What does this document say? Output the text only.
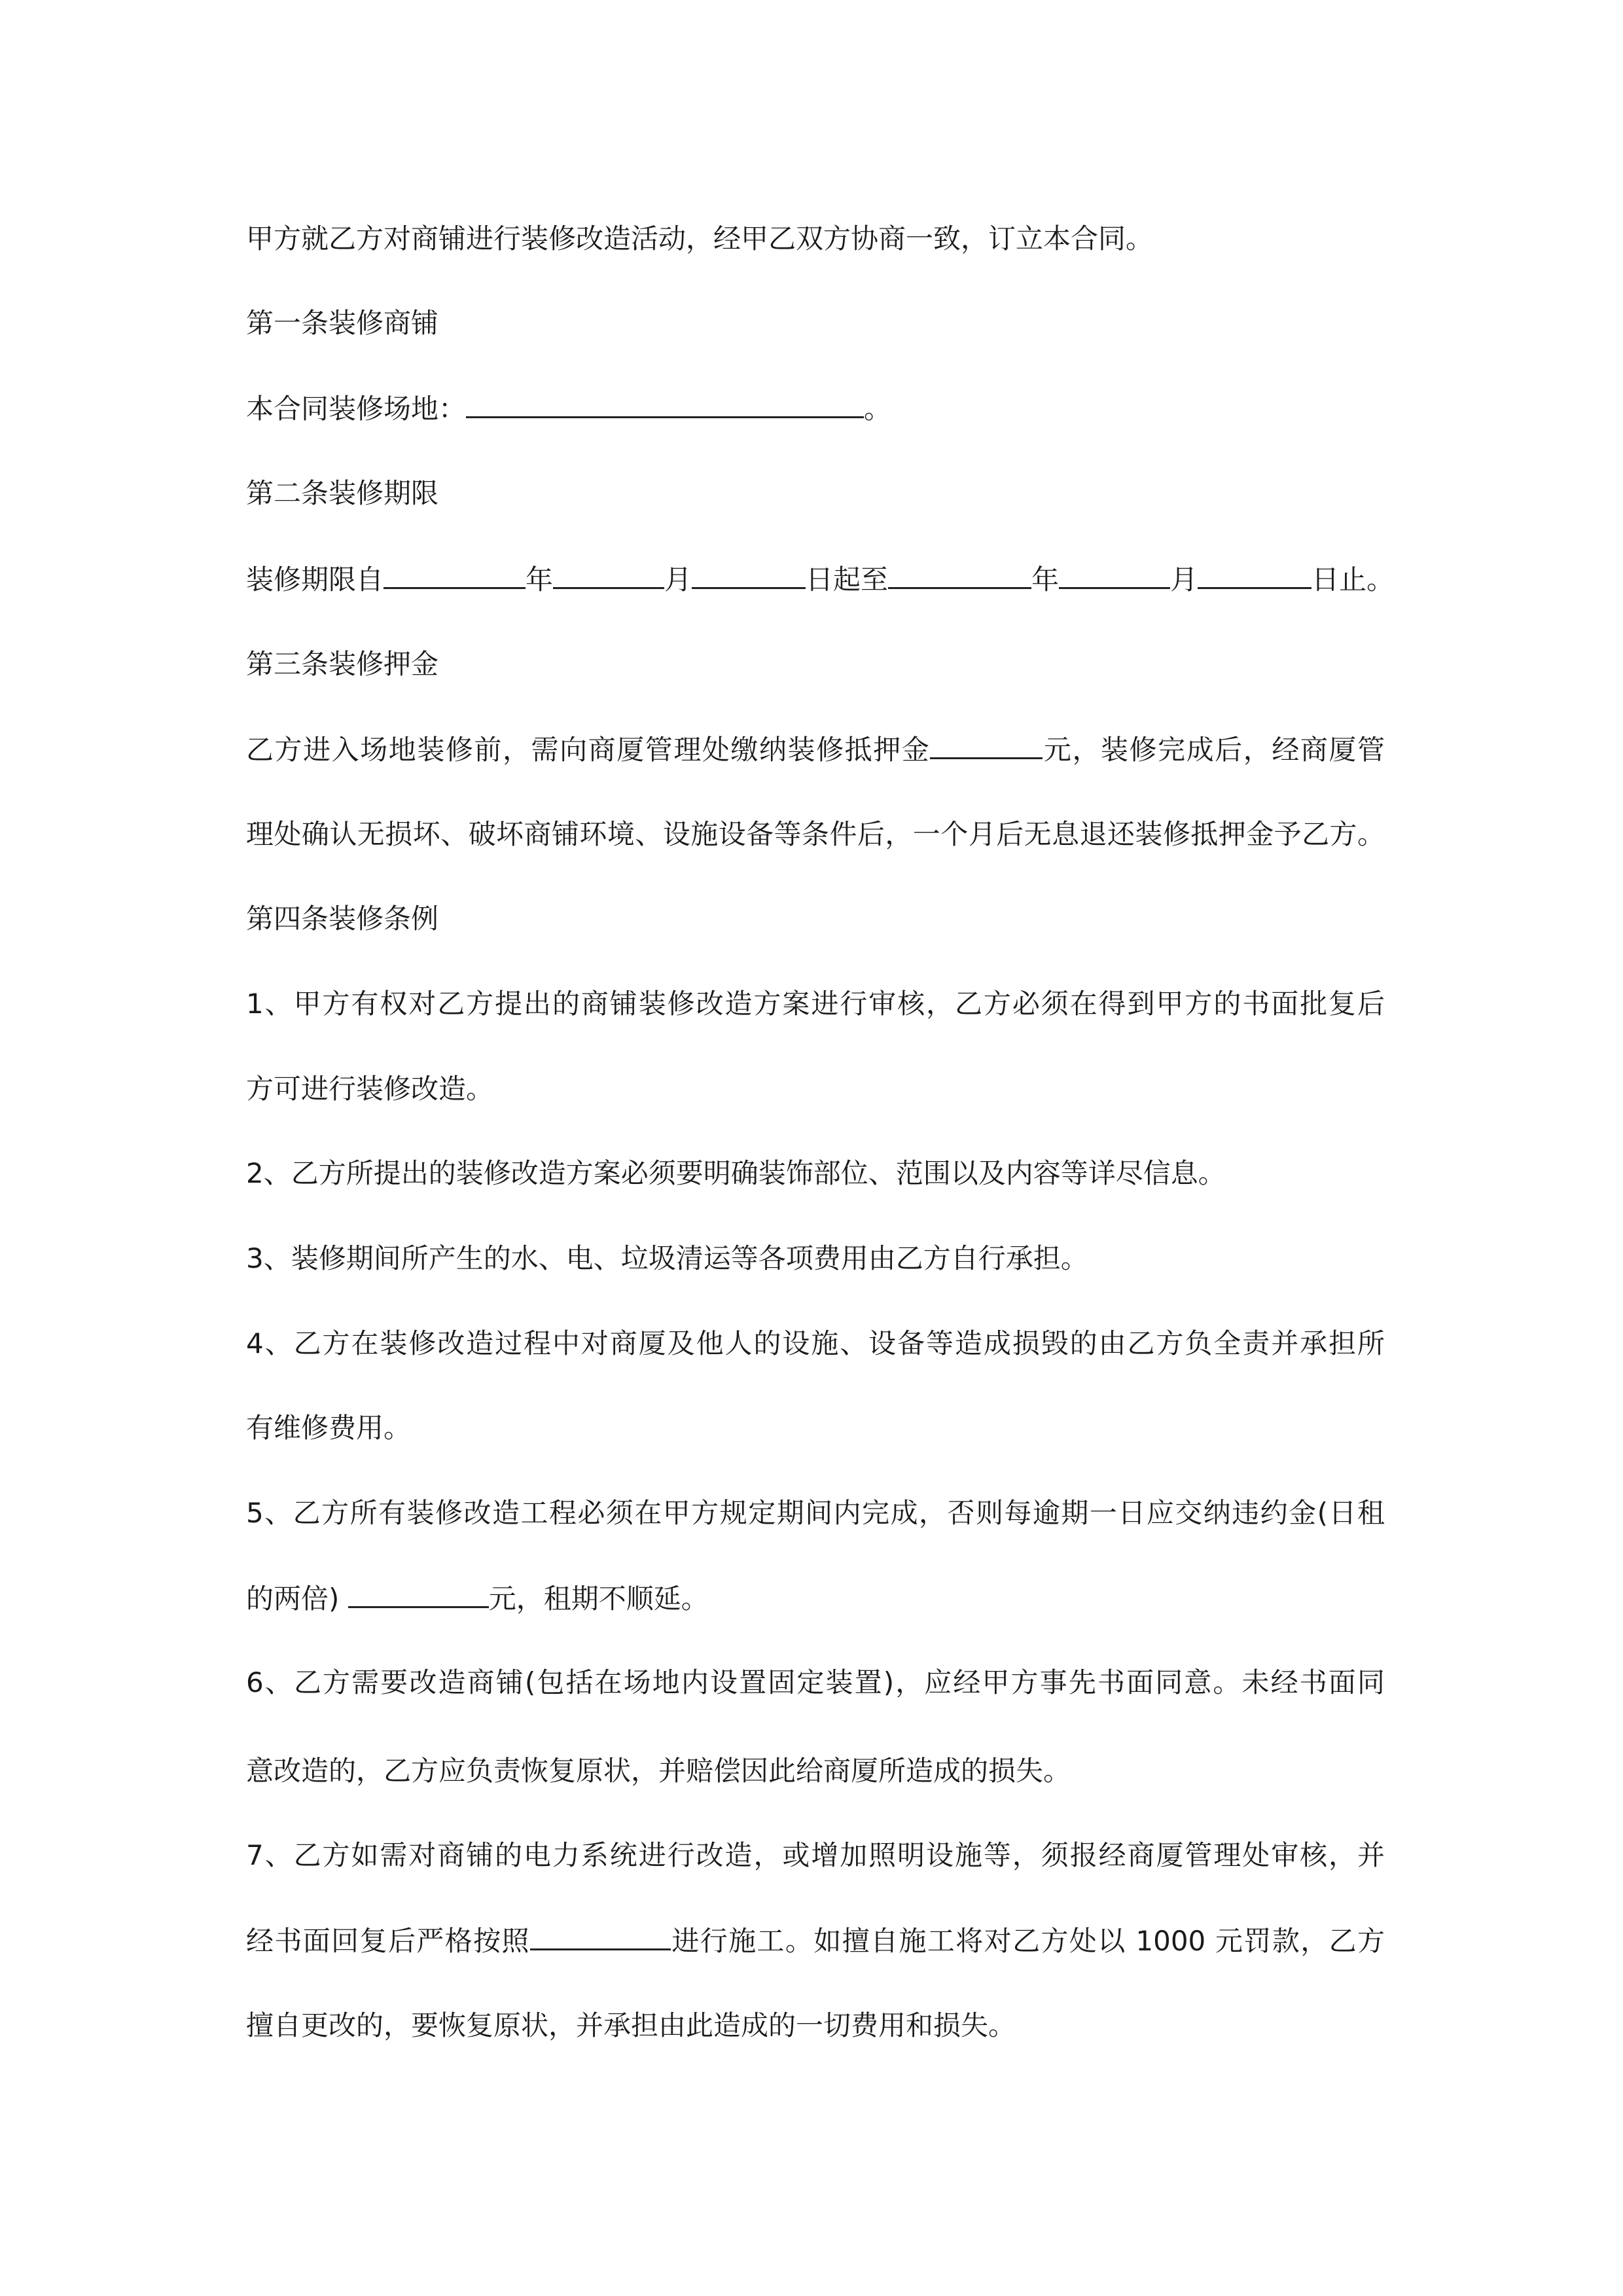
甲方就乙方对商铺进行装修改造活动，经甲乙双方协商一致，订立本合同。
第一条装修商铺
本合同装修场地：	。
第二条装修期限
装修期限自	年	月	日起至	年	月	日止。
第三条装修押金
乙方进入场地装修前，需向商厦管理处缴纳装修抵押金	元，装修完成后，经商厦管
理处确认无损坏、破坏商铺环境、设施设备等条件后，一个月后无息退还装修抵押金予乙方。
第四条装修条例
1、甲方有权对乙方提出的商铺装修改造方案进行审核，乙方必须在得到甲方的书面批复后
方可进行装修改造。
2、乙方所提出的装修改造方案必须要明确装饰部位、范围以及内容等详尽信息。
3、装修期间所产生的水、电、垃圾清运等各项费用由乙方自行承担。
4、乙方在装修改造过程中对商厦及他人的设施、设备等造成损毁的由乙方负全责并承担所
有维修费用。
5、乙方所有装修改造工程必须在甲方规定期间内完成，否则每逾期一日应交纳违约金(日租
的两倍)	元，租期不顺延。
6、乙方需要改造商铺(包括在场地内设置固定装置)，应经甲方事先书面同意。未经书面同
意改造的，乙方应负责恢复原状，并赔偿因此给商厦所造成的损失。
7、乙方如需对商铺的电力系统进行改造，或增加照明设施等，须报经商厦管理处审核，并
经书面回复后严格按照	进行施工。如擅自施工将对乙方处以 1000 元罚款，乙方
擅自更改的，要恢复原状，并承担由此造成的一切费用和损失。
